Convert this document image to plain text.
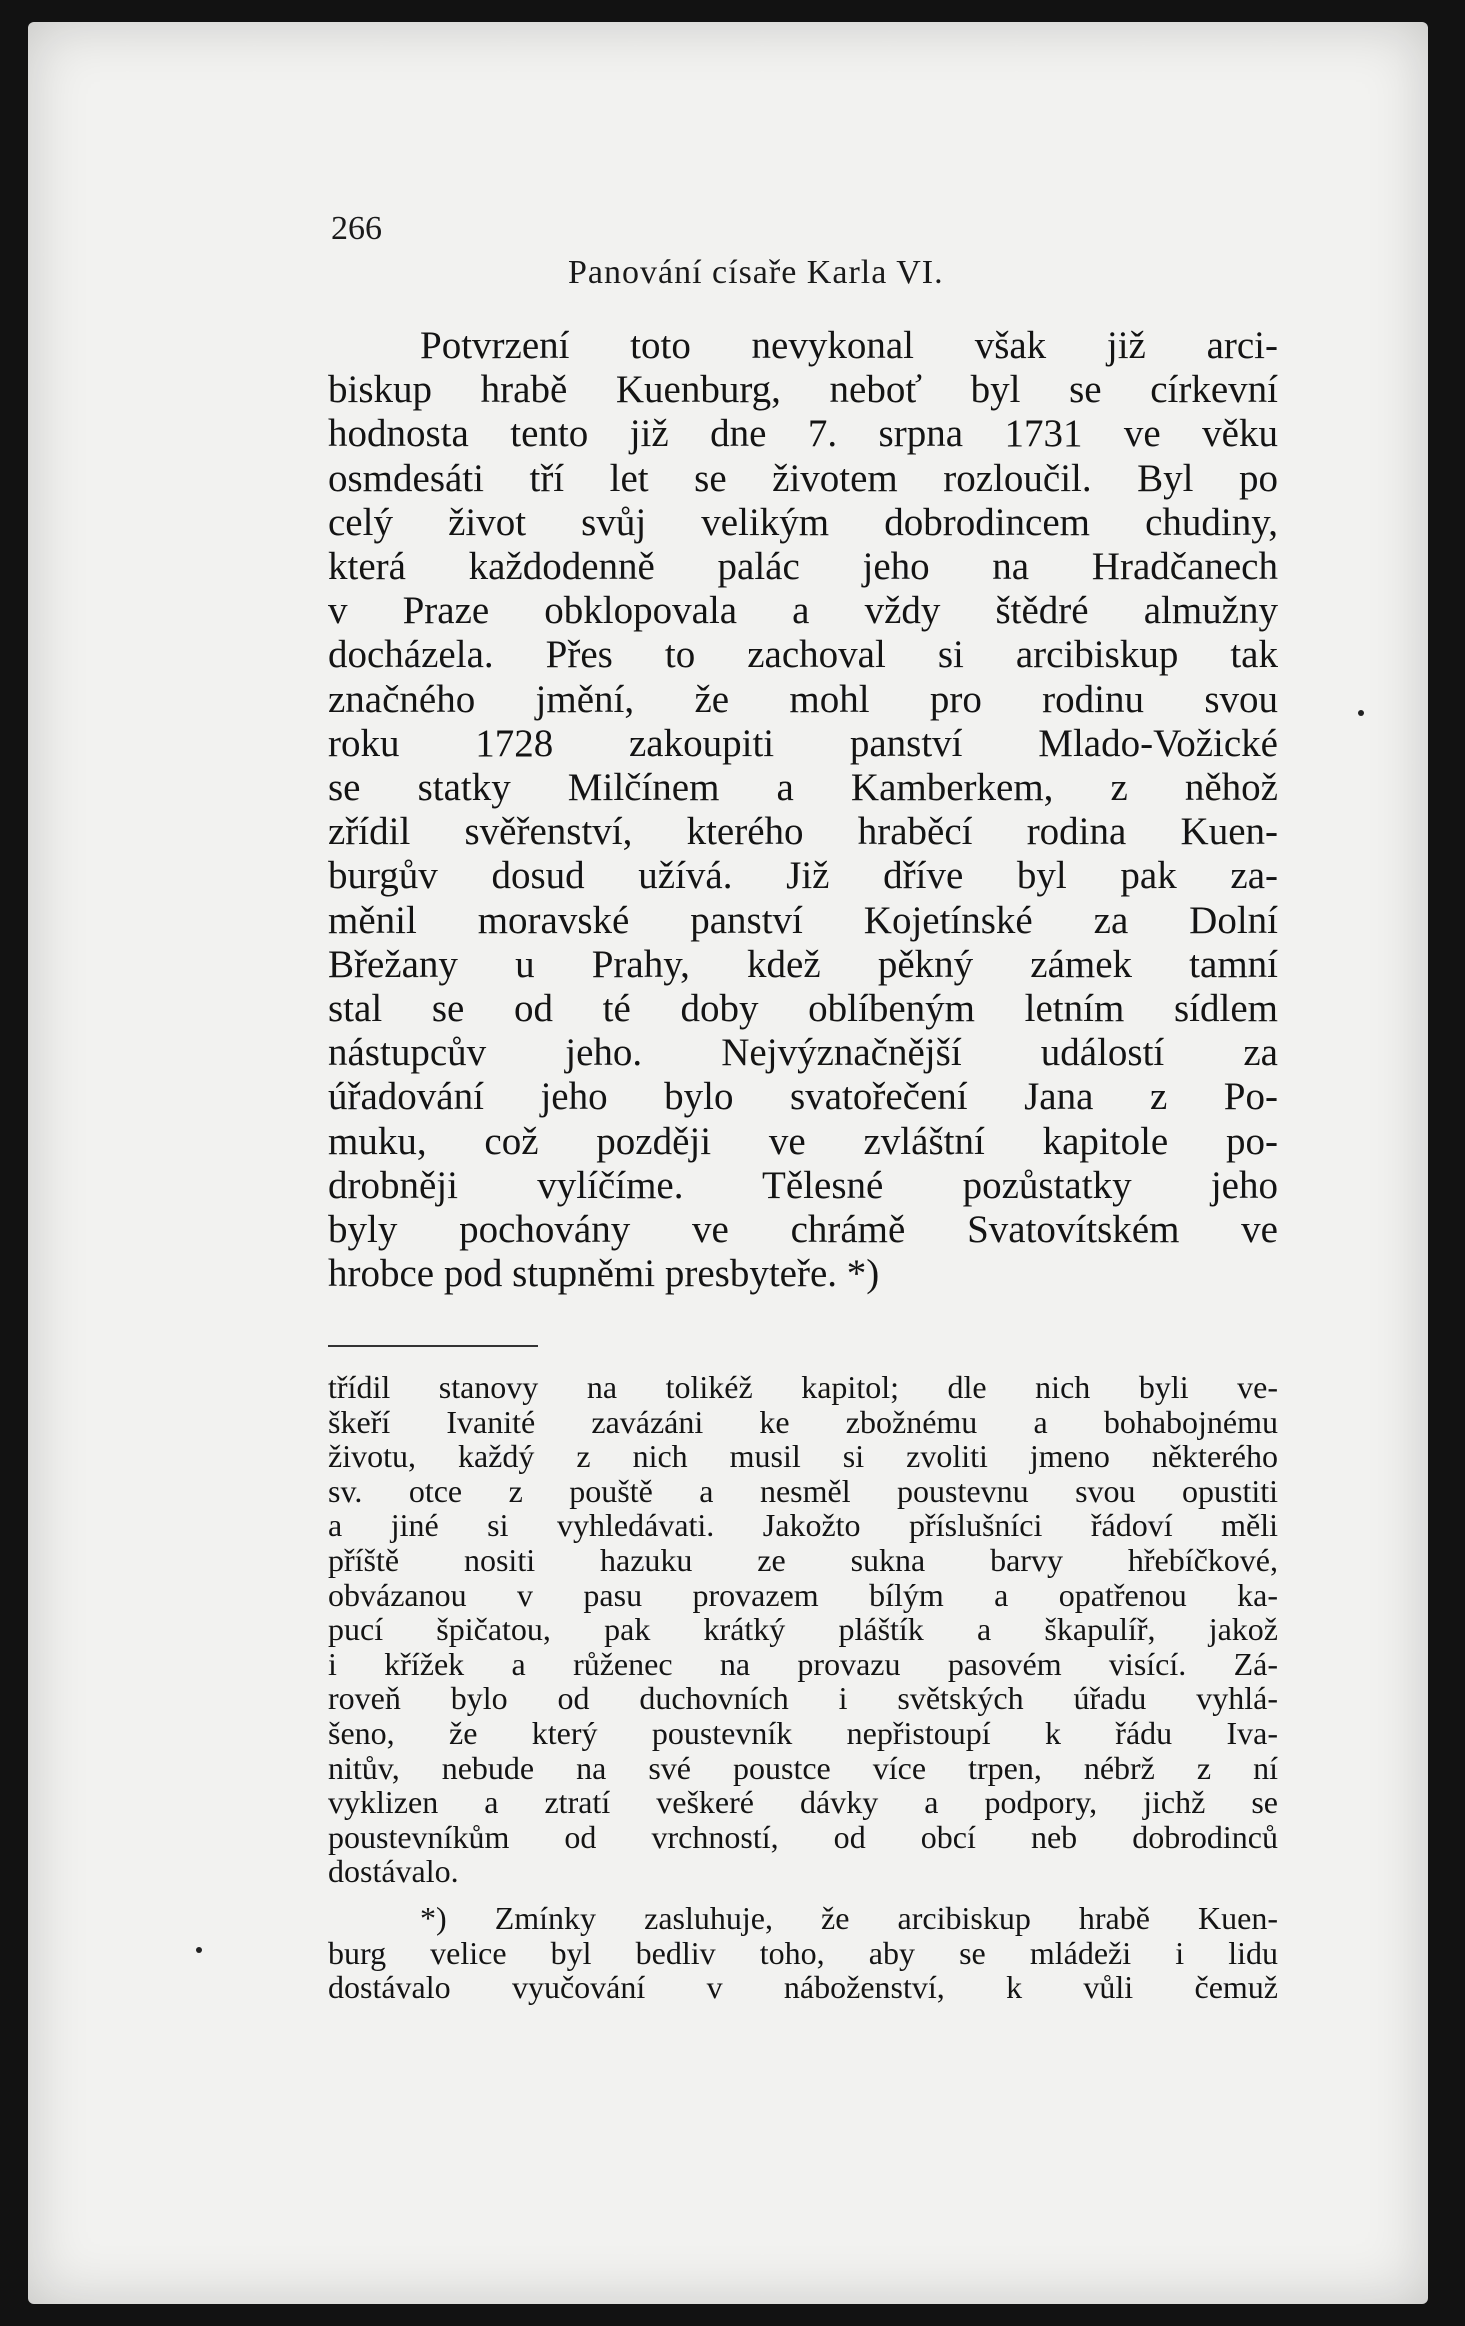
266
Panování císaře Karla VI.
Potvrzení toto nevykonal však již arci-
biskup hrabě Kuenburg, neboť byl se církevní
hodnosta tento již dne 7. srpna 1731 ve věku
osmdesáti tří let se životem rozloučil. Byl po
celý život svůj velikým dobrodincem chudiny,
která každodenně palác jeho na Hradčanech
v Praze obklopovala a vždy štědré almužny
docházela. Přes to zachoval si arcibiskup tak
značného jmění, že mohl pro rodinu svou
roku 1728 zakoupiti panství Mlado-Vožické
se statky Milčínem a Kamberkem, z něhož
zřídil svěřenství, kterého hraběcí rodina Kuen-
burgův dosud užívá. Již dříve byl pak za-
měnil moravské panství Kojetínské za Dolní
Břežany u Prahy, kdež pěkný zámek tamní
stal se od té doby oblíbeným letním sídlem
nástupcův jeho. Nejvýznačnější událostí za
úřadování jeho bylo svatořečení Jana z Po-
muku, což později ve zvláštní kapitole po-
drobněji vylíčíme. Tělesné pozůstatky jeho
byly pochovány ve chrámě Svatovítském ve
hrobce pod stupněmi presbyteře. *)
třídil stanovy na tolikéž kapitol; dle nich byli ve-
škeří Ivanité zavázáni ke zbožnému a bohabojnému
životu, každý z nich musil si zvoliti jmeno některého
sv. otce z pouště a nesměl poustevnu svou opustiti
a jiné si vyhledávati. Jakožto příslušníci řádoví měli
příště nositi hazuku ze sukna barvy hřebíčkové,
obvázanou v pasu provazem bílým a opatřenou ka-
pucí špičatou, pak krátký pláštík a škapulíř, jakož
i křížek a růženec na provazu pasovém visící. Zá-
roveň bylo od duchovních i světských úřadu vyhlá-
šeno, že který poustevník nepřistoupí k řádu Iva-
nitův, nebude na své poustce více trpen, nébrž z ní
vyklizen a ztratí veškeré dávky a podpory, jichž se
poustevníkům od vrchností, od obcí neb dobrodinců
dostávalo.
*) Zmínky zasluhuje, že arcibiskup hrabě Kuen-
burg velice byl bedliv toho, aby se mládeži i lidu
dostávalo vyučování v náboženství, k vůli čemuž
